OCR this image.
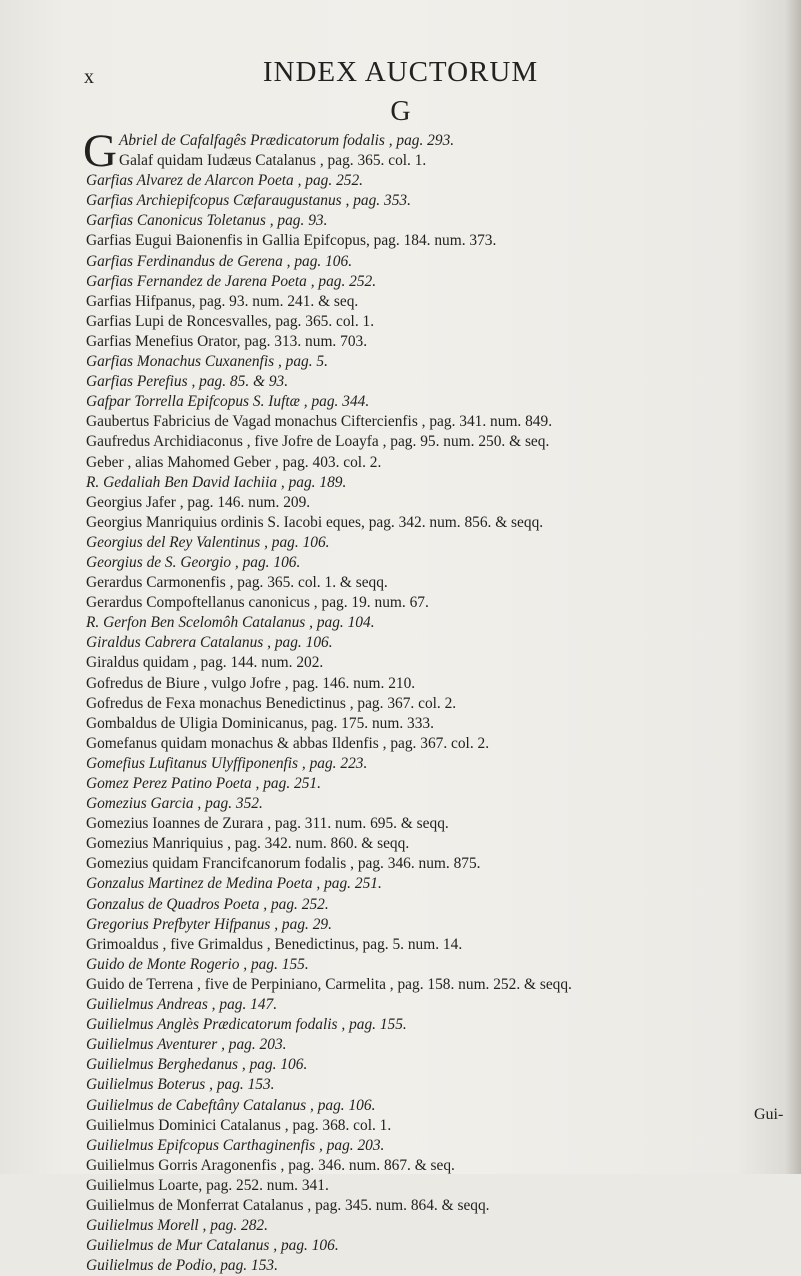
x	INDEX AUCTORUM
G
G Abriel de Cafalfagês Prædicatorum fodalis , pag. 293.
Galaf quidam Iudæus Catalanus , pag. 365. col. 1.
Garfias Alvarez de Alarcon Poeta , pag. 252.
Garfias Archiepifcopus Cæfaraugustanus , pag. 353.
Garfias Canonicus Toletanus , pag. 93.
Garfias Eugui Baionenfis in Gallia Epifcopus, pag. 184. num. 373.
Garfias Ferdinandus de Gerena , pag. 106.
Garfias Fernandez de Jarena Poeta , pag. 252.
Garfias Hifpanus, pag. 93. num. 241. & seq.
Garfias Lupi de Roncesvalles, pag. 365. col. 1.
Garfias Menefius Orator, pag. 313. num. 703.
Garfias Monachus Cuxanenfis , pag. 5.
Garfias Perefius , pag. 85. & 93.
Gafpar Torrella Epifcopus S. Iuftæ , pag. 344.
Gaubertus Fabricius de Vagad monachus Ciftercienfis , pag. 341. num. 849.
Gaufredus Archidiaconus , five Jofre de Loayfa , pag. 95. num. 250. & seq.
Geber , alias Mahomed Geber , pag. 403. col. 2.
R. Gedaliah Ben David Iachiia , pag. 189.
Georgius Jafer , pag. 146. num. 209.
Georgius Manriquius ordinis S. Iacobi eques, pag. 342. num. 856. & seqq.
Georgius del Rey Valentinus , pag. 106.
Georgius de S. Georgio , pag. 106.
Gerardus Carmonenfis , pag. 365. col. 1. & seqq.
Gerardus Compoftellanus canonicus , pag. 19. num. 67.
R. Gerfon Ben Scelomôh Catalanus , pag. 104.
Giraldus Cabrera Catalanus , pag. 106.
Giraldus quidam , pag. 144. num. 202.
Gofredus de Biure , vulgo Jofre , pag. 146. num. 210.
Gofredus de Fexa monachus Benedictinus , pag. 367. col. 2.
Gombaldus de Uligia Dominicanus, pag. 175. num. 333.
Gomefanus quidam monachus & abbas Ildenfis , pag. 367. col. 2.
Gomefius Lufitanus Ulyffiponenfis , pag. 223.
Gomez Perez Patino Poeta , pag. 251.
Gomezius Garcia , pag. 352.
Gomezius Ioannes de Zurara , pag. 311. num. 695. & seqq.
Gomezius Manriquius , pag. 342. num. 860. & seqq.
Gomezius quidam Francifcanorum fodalis , pag. 346. num. 875.
Gonzalus Martinez de Medina Poeta , pag. 251.
Gonzalus de Quadros Poeta , pag. 252.
Gregorius Prefbyter Hifpanus , pag. 29.
Grimoaldus , five Grimaldus , Benedictinus, pag. 5. num. 14.
Guido de Monte Rogerio , pag. 155.
Guido de Terrena , five de Perpiniano, Carmelita , pag. 158. num. 252. & seqq.
Guilielmus Andreas , pag. 147.
Guilielmus Anglès Prædicatorum fodalis , pag. 155.
Guilielmus Aventurer , pag. 203.
Guilielmus Berghedanus , pag. 106.
Guilielmus Boterus , pag. 153.
Guilielmus de Cabeftâny Catalanus , pag. 106.
Guilielmus Dominici Catalanus , pag. 368. col. 1.
Guilielmus Epifcopus Carthaginenfis , pag. 203.
Guilielmus Gorris Aragonenfis , pag. 346. num. 867. & seq.
Guilielmus Loarte, pag. 252. num. 341.
Guilielmus de Monferrat Catalanus , pag. 345. num. 864. & seqq.
Guilielmus Morell , pag. 282.
Guilielmus de Mur Catalanus , pag. 106.
Guilielmus de Podio, pag. 153.
Gui-
